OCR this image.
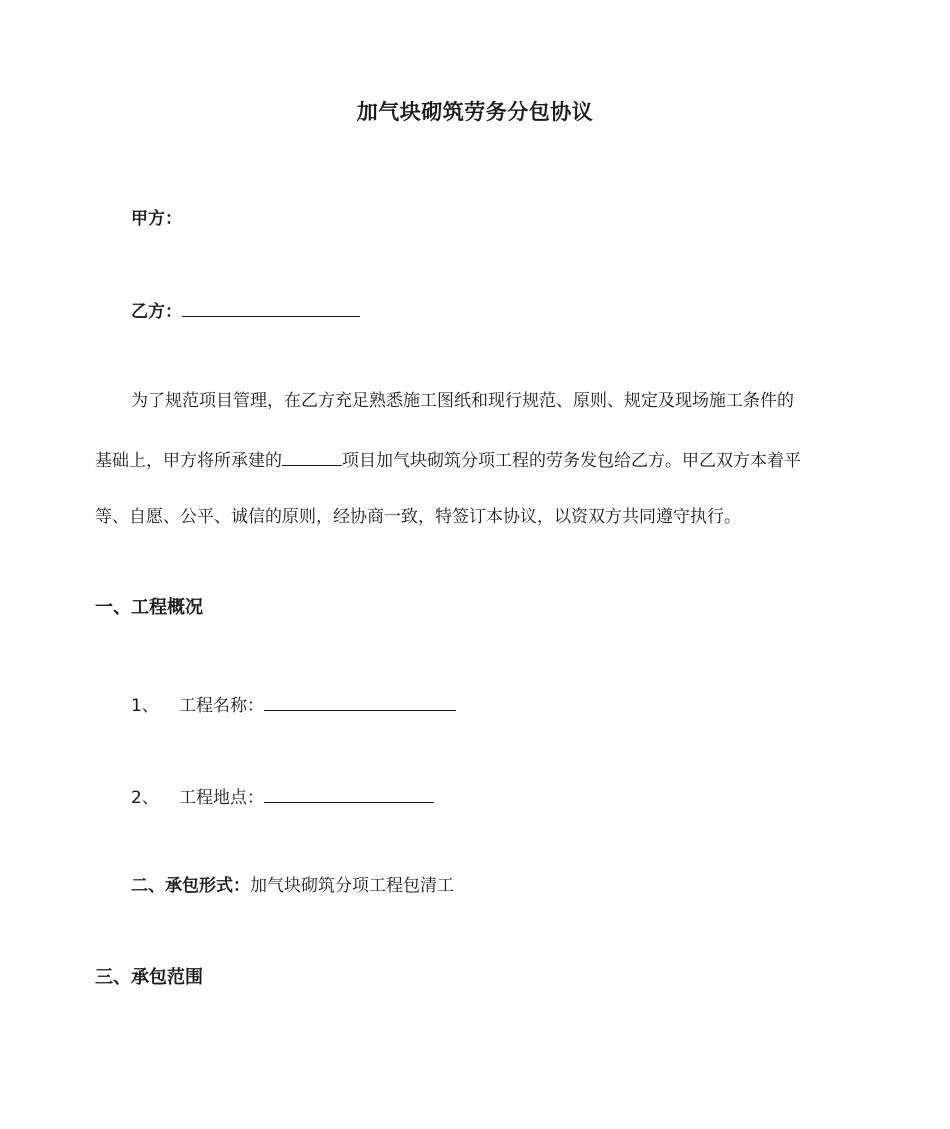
加气块砌筑劳务分包协议
甲方：
乙方：
为了规范项目管理，在乙方充足熟悉施工图纸和现行规范、原则、规定及现场施工条件的
基础上，甲方将所承建的	项目加气块砌筑分项工程的劳务发包给乙方。甲乙双方本着平
等、自愿、公平、诚信的原则，经协商一致，特签订本协议，以资双方共同遵守执行。
一、工程概况
1、 工程名称：
2、 工程地点：
二、承包形式：加气块砌筑分项工程包清工
三、承包范围
